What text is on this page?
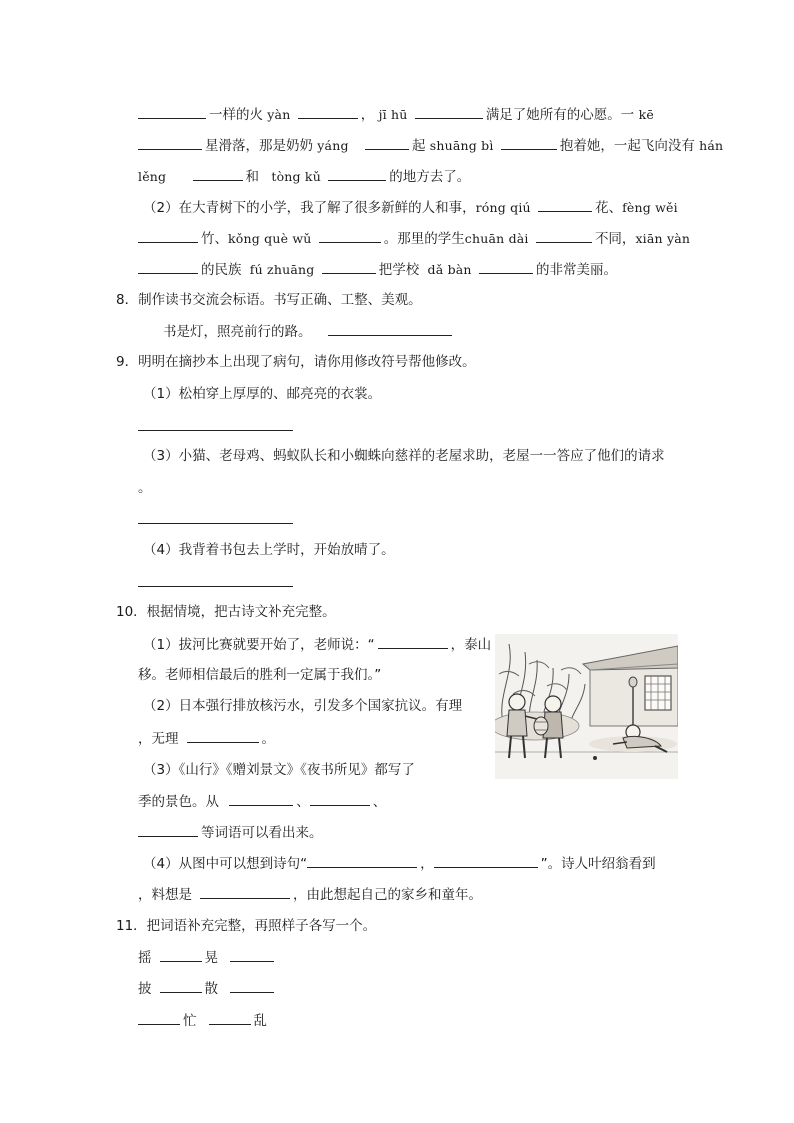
一样的火 yàn	， jī hū	满足了她所有的心愿。一 kē
星滑落，那是奶奶 yáng	起 shuāng bì	抱着她，一起飞向没有 hán
lěng	和 tòng kǔ	的地方去了。
（2）在大青树下的小学，我了解了很多新鲜的人和事，róng qiú	花、fèng wěi
竹、kǒng què wǔ	。那里的学生chuān dài	不同，xiān yàn
的民族 fú zhuāng	把学校 dǎ bàn	的非常美丽。
8．制作读书交流会标语。书写正确、工整、美观。
书是灯，照亮前行的路。
9．明明在摘抄本上出现了病句，请你用修改符号帮他修改。
（1）松柏穿上厚厚的、邮亮亮的衣裳。
（3）小猫、老母鸡、蚂蚁队长和小蜘蛛向慈祥的老屋求助，老屋一一答应了他们的请求
。
（4）我背着书包去上学时，开始放晴了。
10．根据情境，把古诗文补充完整。
（1）拔河比赛就要开始了，老师说：“	，泰山
移。老师相信最后的胜利一定属于我们。”
（2）日本强行排放核污水，引发多个国家抗议。有理
，无理	。
（3）《山行》《赠刘景文》《夜书所见》都写了
季的景色。从	、	、
等词语可以看出来。
（4）从图中可以想到诗句“	，	”。诗人叶绍翁看到
，料想是	，由此想起自己的家乡和童年。
11．把词语补充完整，再照样子各写一个。
摇	晃
披	散
忙	乱
